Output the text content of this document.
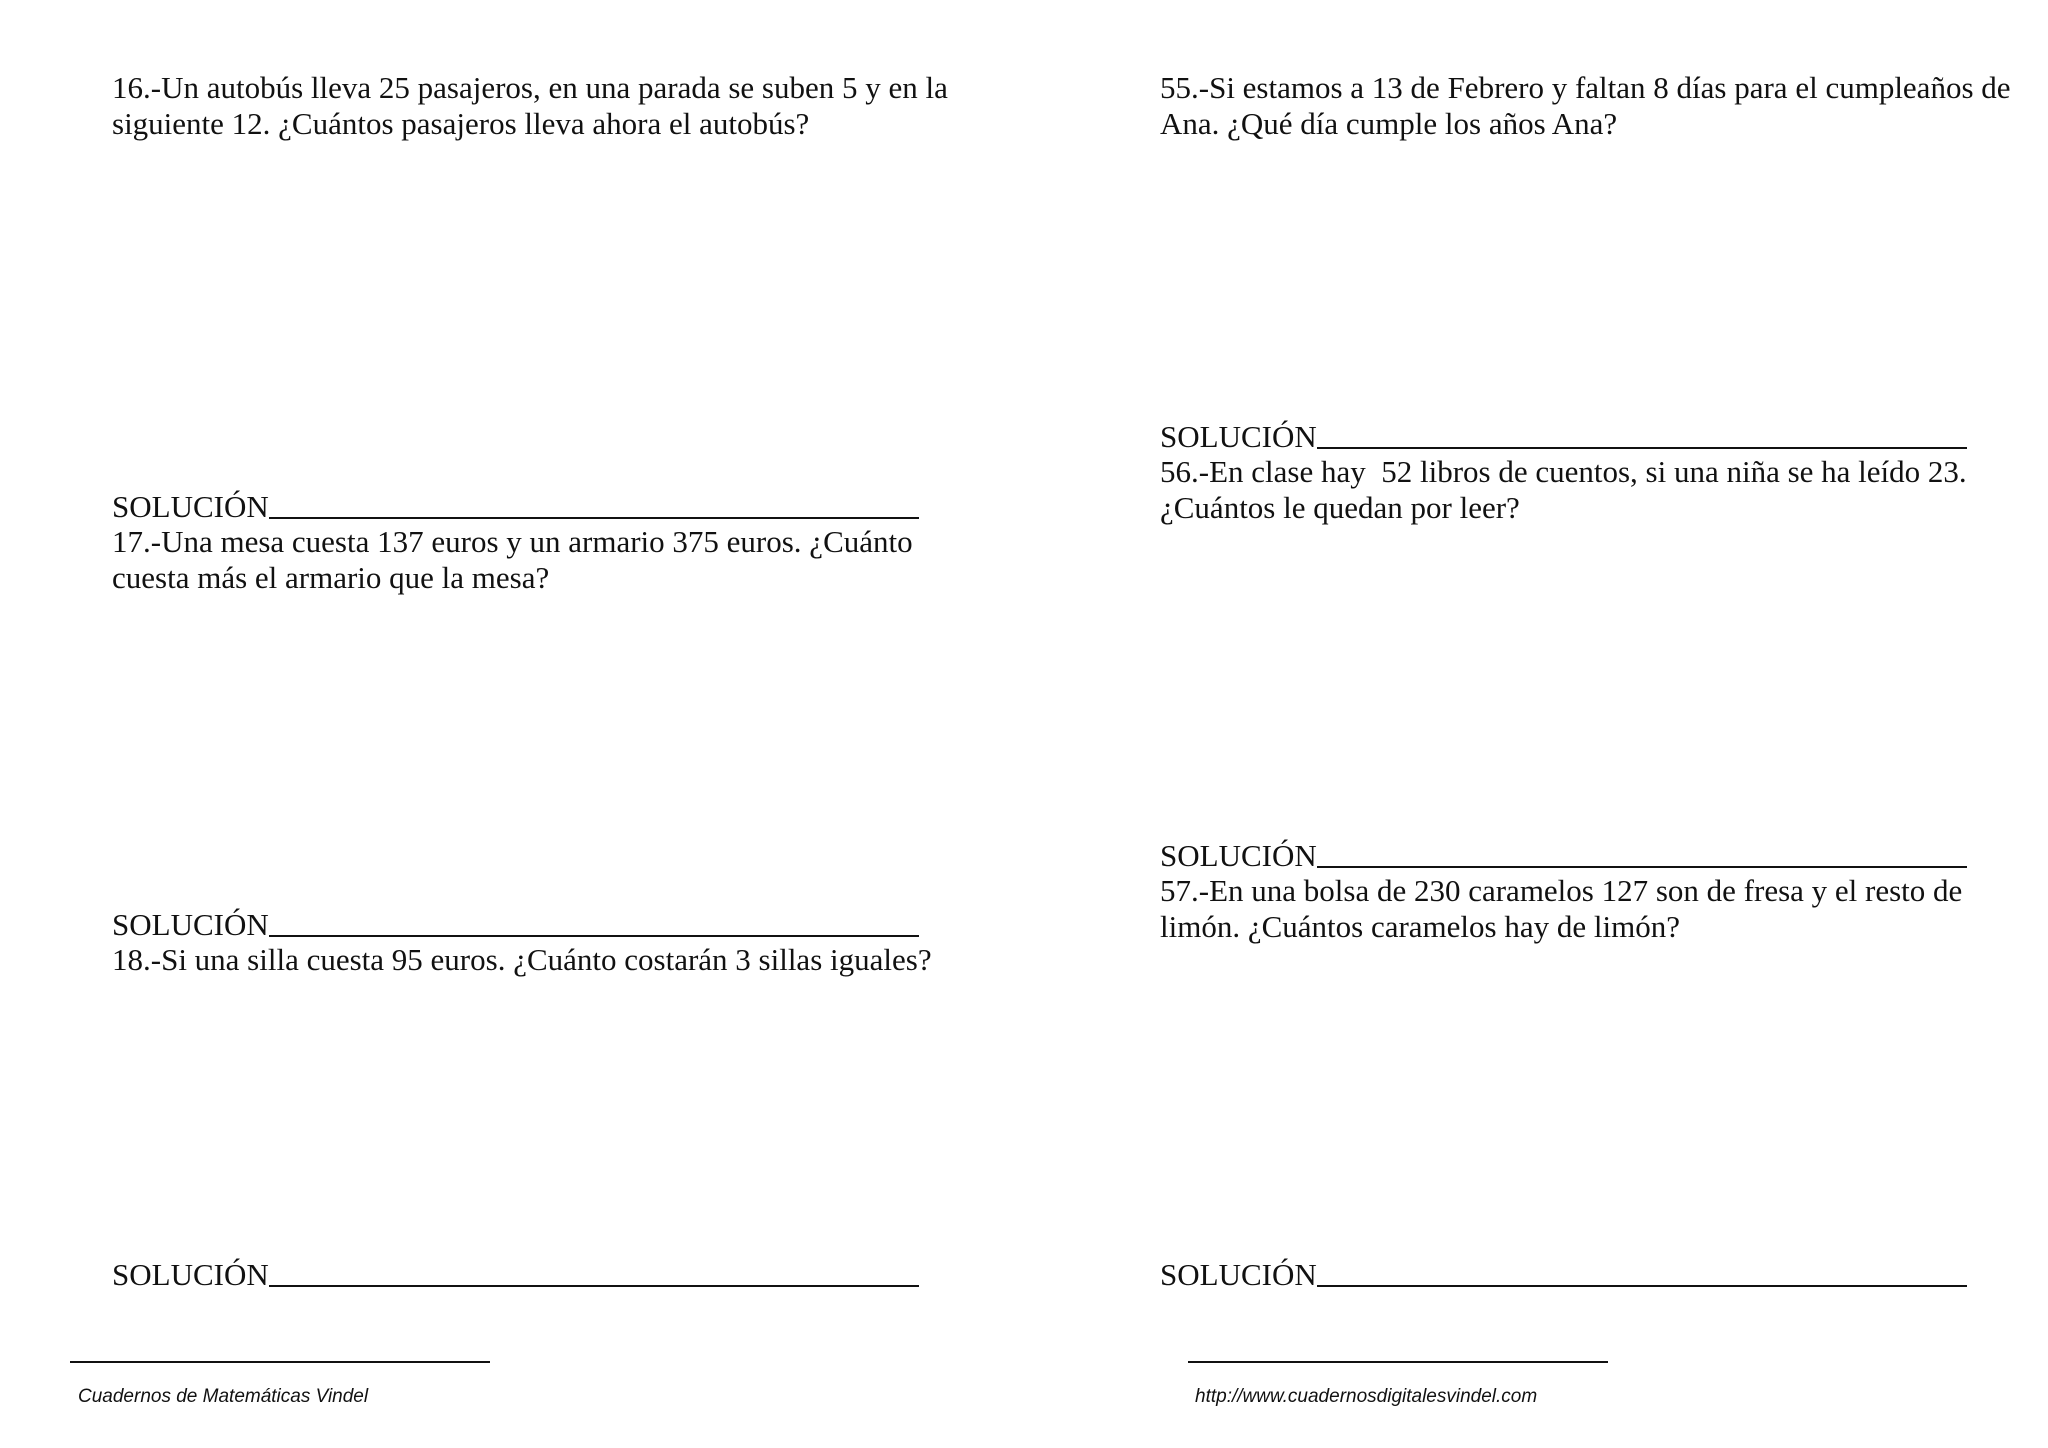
16.-Un autobús lleva 25 pasajeros, en una parada se suben 5 y en la
siguiente 12. ¿Cuántos pasajeros lleva ahora el autobús?
SOLUCIÓN
17.-Una mesa cuesta 137 euros y un armario 375 euros. ¿Cuánto
cuesta más el armario que la mesa?
SOLUCIÓN
18.-Si una silla cuesta 95 euros. ¿Cuánto costarán 3 sillas iguales?
SOLUCIÓN
55.-Si estamos a 13 de Febrero y faltan 8 días para el cumpleaños de
Ana. ¿Qué día cumple los años Ana?
SOLUCIÓN
56.-En clase hay  52 libros de cuentos, si una niña se ha leído 23.
¿Cuántos le quedan por leer?
SOLUCIÓN
57.-En una bolsa de 230 caramelos 127 son de fresa y el resto de
limón. ¿Cuántos caramelos hay de limón?
SOLUCIÓN
Cuadernos de Matemáticas Vindel	http://www.cuadernosdigitalesvindel.com
